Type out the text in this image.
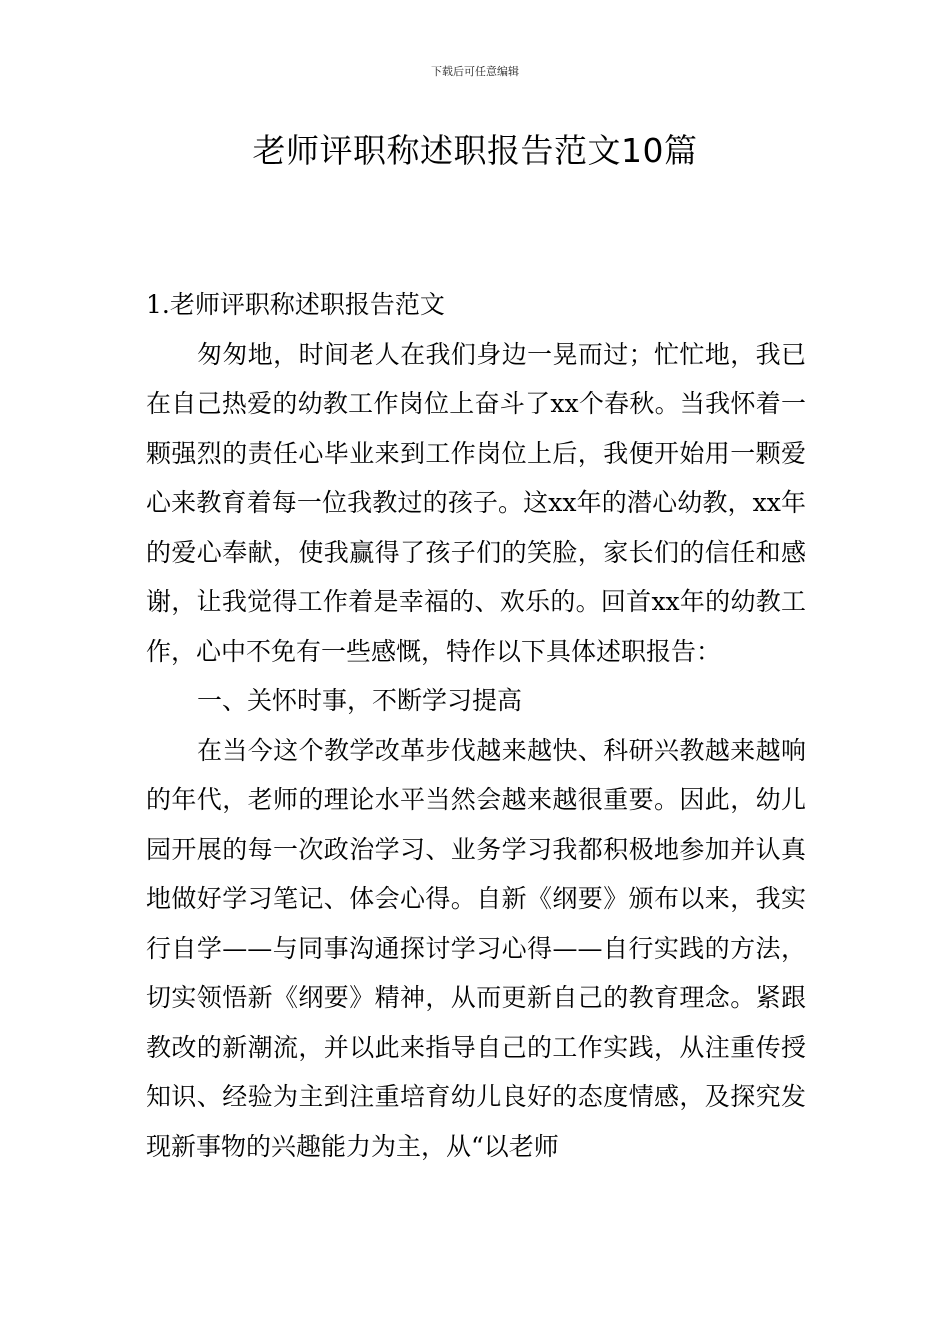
下载后可任意编辑
老师评职称述职报告范文10篇

1.老师评职称述职报告范文

匆匆地，时间老人在我们身边一晃而过；忙忙地，我已在自己热爱的幼教工作岗位上奋斗了xx个春秋。当我怀着一颗强烈的责任心毕业来到工作岗位上后，我便开始用一颗爱心来教育着每一位我教过的孩子。这xx年的潜心幼教，xx年的爱心奉献，使我赢得了孩子们的笑脸，家长们的信任和感谢，让我觉得工作着是幸福的、欢乐的。回首xx年的幼教工作，心中不免有一些感慨，特作以下具体述职报告：

一、关怀时事，不断学习提高

在当今这个教学改革步伐越来越快、科研兴教越来越响的年代，老师的理论水平当然会越来越很重要。因此，幼儿园开展的每一次政治学习、业务学习我都积极地参加并认真地做好学习笔记、体会心得。自新《纲要》颁布以来，我实行自学——与同事沟通探讨学习心得——自行实践的方法，切实领悟新《纲要》精神，从而更新自己的教育理念。紧跟教改的新潮流，并以此来指导自己的工作实践，从注重传授知识、经验为主到注重培育幼儿良好的态度情感，及探究发现新事物的兴趣能力为主，从“以老师
